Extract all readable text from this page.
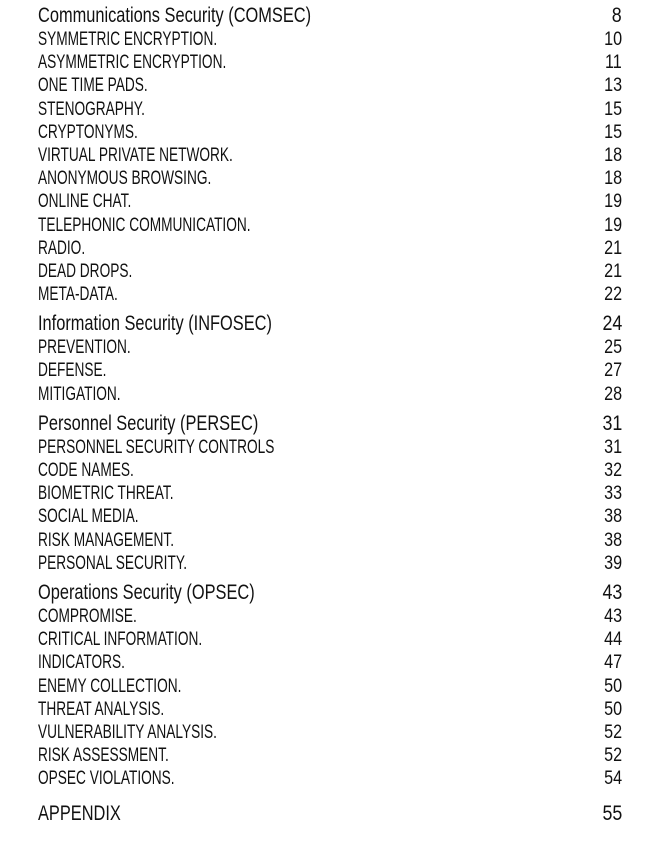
Communications Security (COMSEC)	8
SYMMETRIC ENCRYPTION.	10
ASYMMETRIC ENCRYPTION.	11
ONE TIME PADS.	13
STENOGRAPHY.	15
CRYPTONYMS.	15
VIRTUAL PRIVATE NETWORK.	18
ANONYMOUS BROWSING.	18
ONLINE CHAT.	19
TELEPHONIC COMMUNICATION.	19
RADIO.	21
DEAD DROPS.	21
META-DATA.	22
Information Security (INFOSEC)	24
PREVENTION.	25
DEFENSE.	27
MITIGATION.	28
Personnel Security (PERSEC)	31
PERSONNEL SECURITY CONTROLS	31
CODE NAMES.	32
BIOMETRIC THREAT.	33
SOCIAL MEDIA.	38
RISK MANAGEMENT.	38
PERSONAL SECURITY.	39
Operations Security (OPSEC)	43
COMPROMISE.	43
CRITICAL INFORMATION.	44
INDICATORS.	47
ENEMY COLLECTION.	50
THREAT ANALYSIS.	50
VULNERABILITY ANALYSIS.	52
RISK ASSESSMENT.	52
OPSEC VIOLATIONS.	54
APPENDIX	55
